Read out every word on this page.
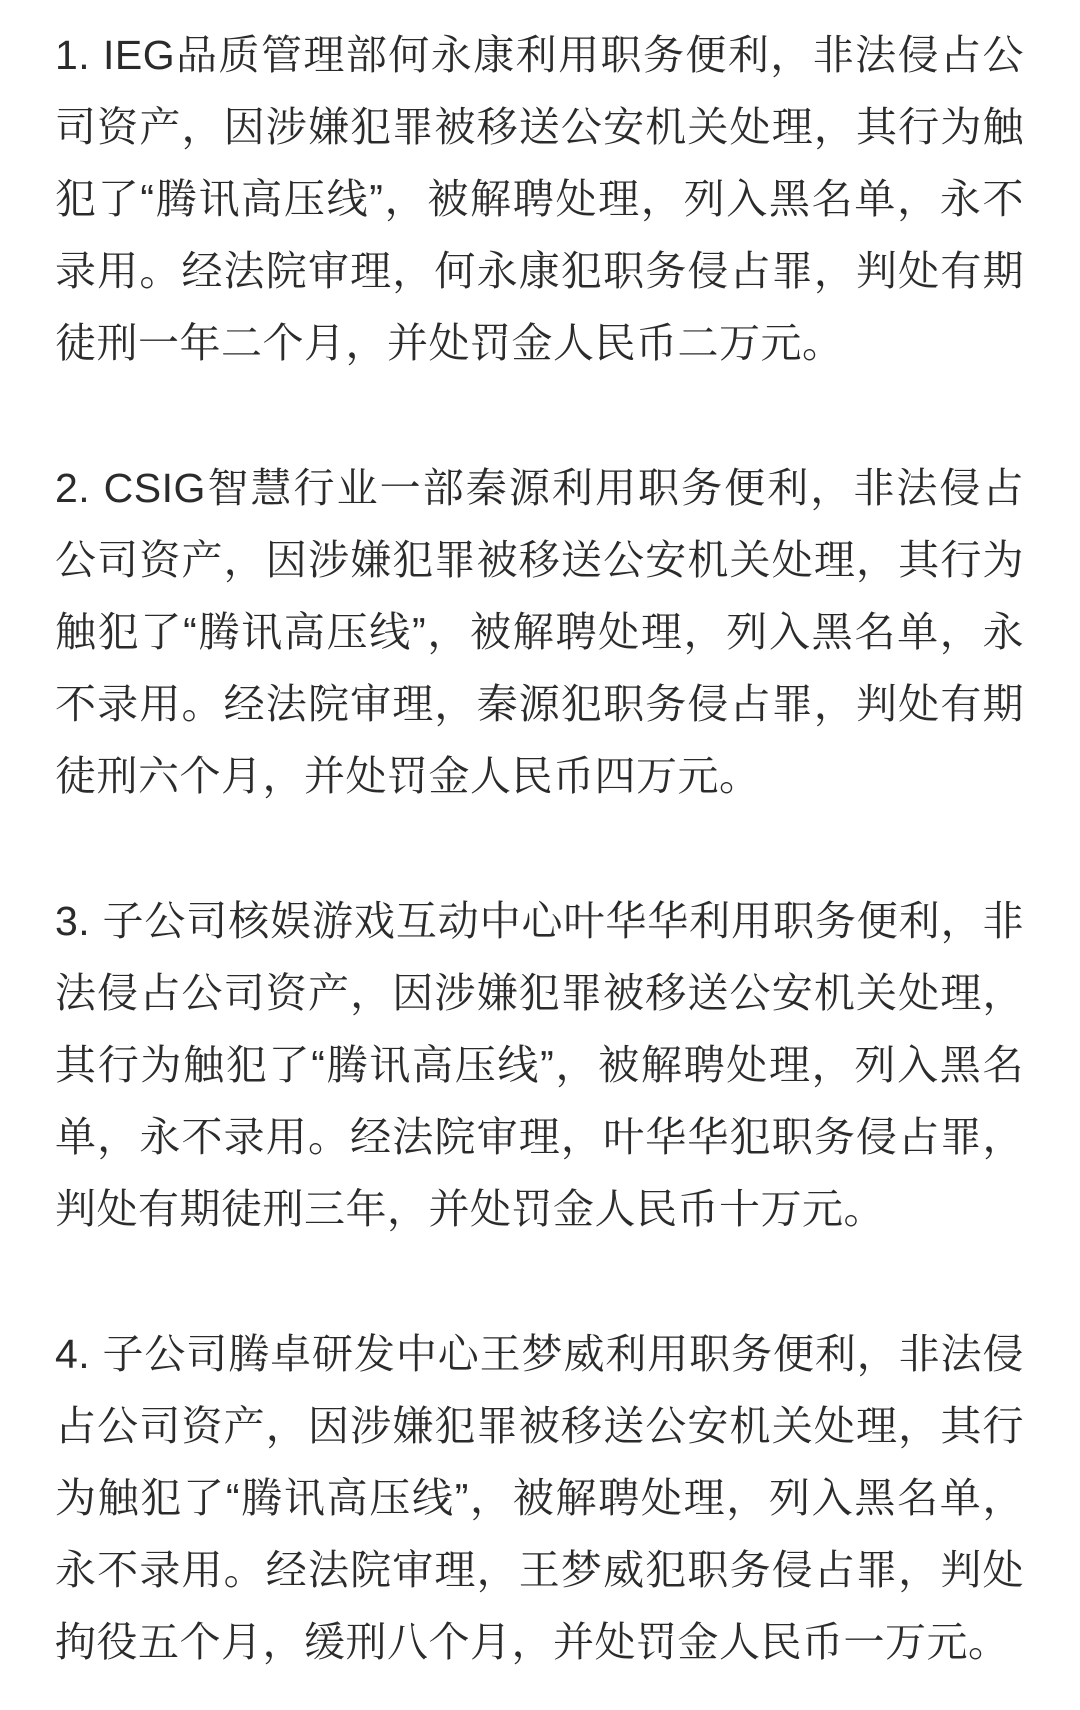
1. IEG品质管理部何永康利用职务便利，非法侵占公司资产，因涉嫌犯罪被移送公安机关处理，其行为触犯了“腾讯高压线”，被解聘处理，列入黑名单，永不录用。经法院审理，何永康犯职务侵占罪，判处有期徒刑一年二个月，并处罚金人民币二万元。

2. CSIG智慧行业一部秦源利用职务便利，非法侵占公司资产，因涉嫌犯罪被移送公安机关处理，其行为触犯了“腾讯高压线”，被解聘处理，列入黑名单，永不录用。经法院审理，秦源犯职务侵占罪，判处有期徒刑六个月，并处罚金人民币四万元。

3. 子公司核娱游戏互动中心叶华华利用职务便利，非法侵占公司资产，因涉嫌犯罪被移送公安机关处理，其行为触犯了“腾讯高压线”，被解聘处理，列入黑名单，永不录用。经法院审理，叶华华犯职务侵占罪，判处有期徒刑三年，并处罚金人民币十万元。

4. 子公司腾卓研发中心王梦威利用职务便利，非法侵占公司资产，因涉嫌犯罪被移送公安机关处理，其行为触犯了“腾讯高压线”，被解聘处理，列入黑名单，永不录用。经法院审理，王梦威犯职务侵占罪，判处拘役五个月，缓刑八个月，并处罚金人民币一万元。
